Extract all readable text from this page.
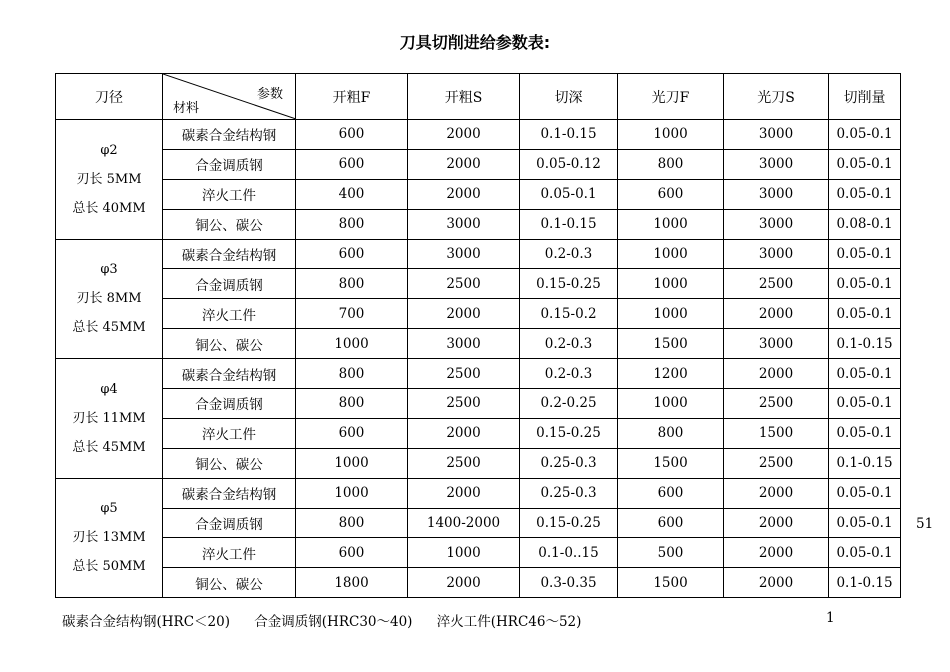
刀具切削进给参数表:
刀径	参数
材料	开粗F	开粗S	切深	光刀F	光刀S	切削量

φ2
刃长 5MM
总长 40MM	碳素合金结构钢	600	2000	0.1-0.15	1000	3000	0.05-0.1
	合金调质钢	600	2000	0.05-0.12	800	3000	0.05-0.1
	淬火工件	400	2000	0.05-0.1	600	3000	0.05-0.1
	铜公、碳公	800	3000	0.1-0.15	1000	3000	0.08-0.1

φ3
刃长 8MM
总长 45MM	碳素合金结构钢	600	3000	0.2-0.3	1000	3000	0.05-0.1
	合金调质钢	800	2500	0.15-0.25	1000	2500	0.05-0.1
	淬火工件	700	2000	0.15-0.2	1000	2000	0.05-0.1
	铜公、碳公	1000	3000	0.2-0.3	1500	3000	0.1-0.15

φ4
刃长 11MM
总长 45MM	碳素合金结构钢	800	2500	0.2-0.3	1200	2000	0.05-0.1
	合金调质钢	800	2500	0.2-0.25	1000	2500	0.05-0.1
	淬火工件	600	2000	0.15-0.25	800	1500	0.05-0.1
	铜公、碳公	1000	2500	0.25-0.3	1500	2500	0.1-0.15

φ5
刃长 13MM
总长 50MM	碳素合金结构钢	1000	2000	0.25-0.3	600	2000	0.05-0.1
	合金调质钢	800	1400-2000	0.15-0.25	600	2000	0.05-0.1
	淬火工件	600	1000	0.1-0..15	500	2000	0.05-0.1
	铜公、碳公	1800	2000	0.3-0.35	1500	2000	0.1-0.15
碳素合金结构钢(HRC＜20) 合金调质钢(HRC30～40) 淬火工件(HRC46～52)	1
51
